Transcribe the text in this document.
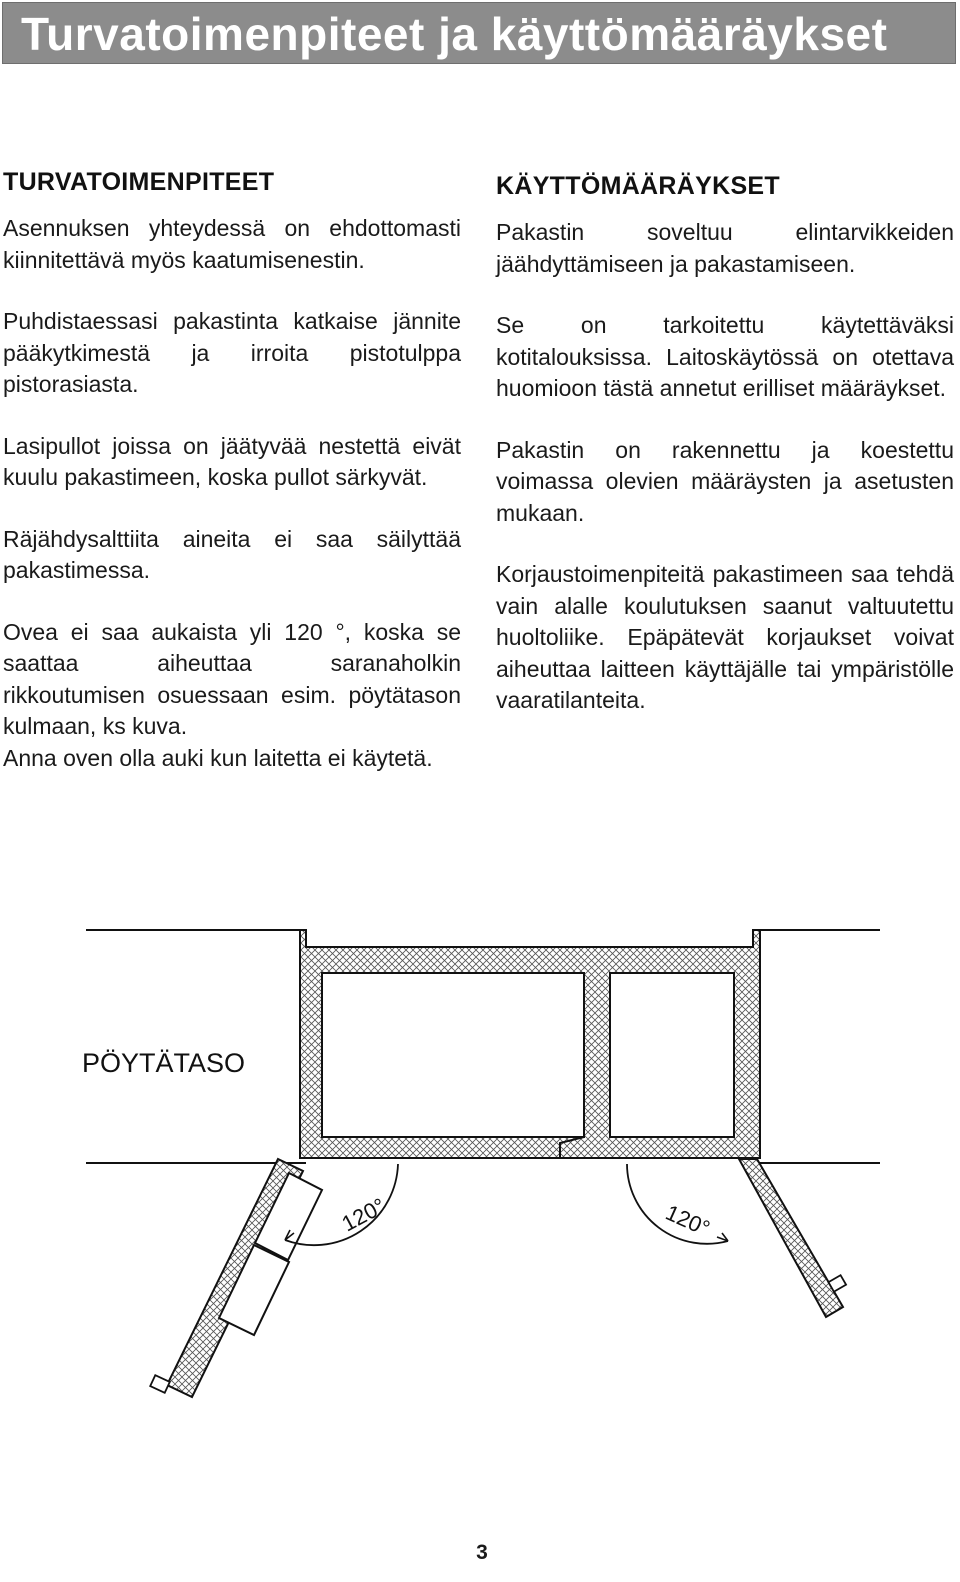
Turvatoimenpiteet ja käyttömääräykset
TURVATOIMENPITEET

Asennuksen yhteydessä on ehdottomasti kiinnitettävä myös kaatumisenestin.

Puhdistaessasi pakastinta katkaise jännite pääkytkimestä ja irroita pistotulppa pistorasiasta.

Lasipullot joissa on jäätyvää nestettä eivät kuulu pakastimeen, koska pullot särkyvät.

Räjähdysalttiita aineita ei saa säilyttää pakastimessa.

Ovea ei saa aukaista yli 120 °, koska se saattaa aiheuttaa saranaholkin rikkoutumisen osuessaan esim. pöytätason kulmaan, ks kuva.

Anna oven olla auki kun laitetta ei käytetä.

KÄYTTÖMÄÄRÄYKSET

Pakastin soveltuu elintarvikkeiden jäähdyttämiseen ja pakastamiseen.

Se on tarkoitettu käytettäväksi kotitalouksissa. Laitoskäytössä on otettava huomioon tästä annetut erilliset määräykset.

Pakastin on rakennettu ja koestettu voimassa olevien määräysten ja asetusten mukaan.

Korjaustoimenpiteitä pakastimeen saa tehdä vain alalle koulutuksen saanut valtuutettu huoltoliike. Epäpätevät korjaukset voivat aiheuttaa laitteen käyttäjälle tai ympäristölle vaaratilanteita.

PÖYTÄTASO
120°	120°

3
